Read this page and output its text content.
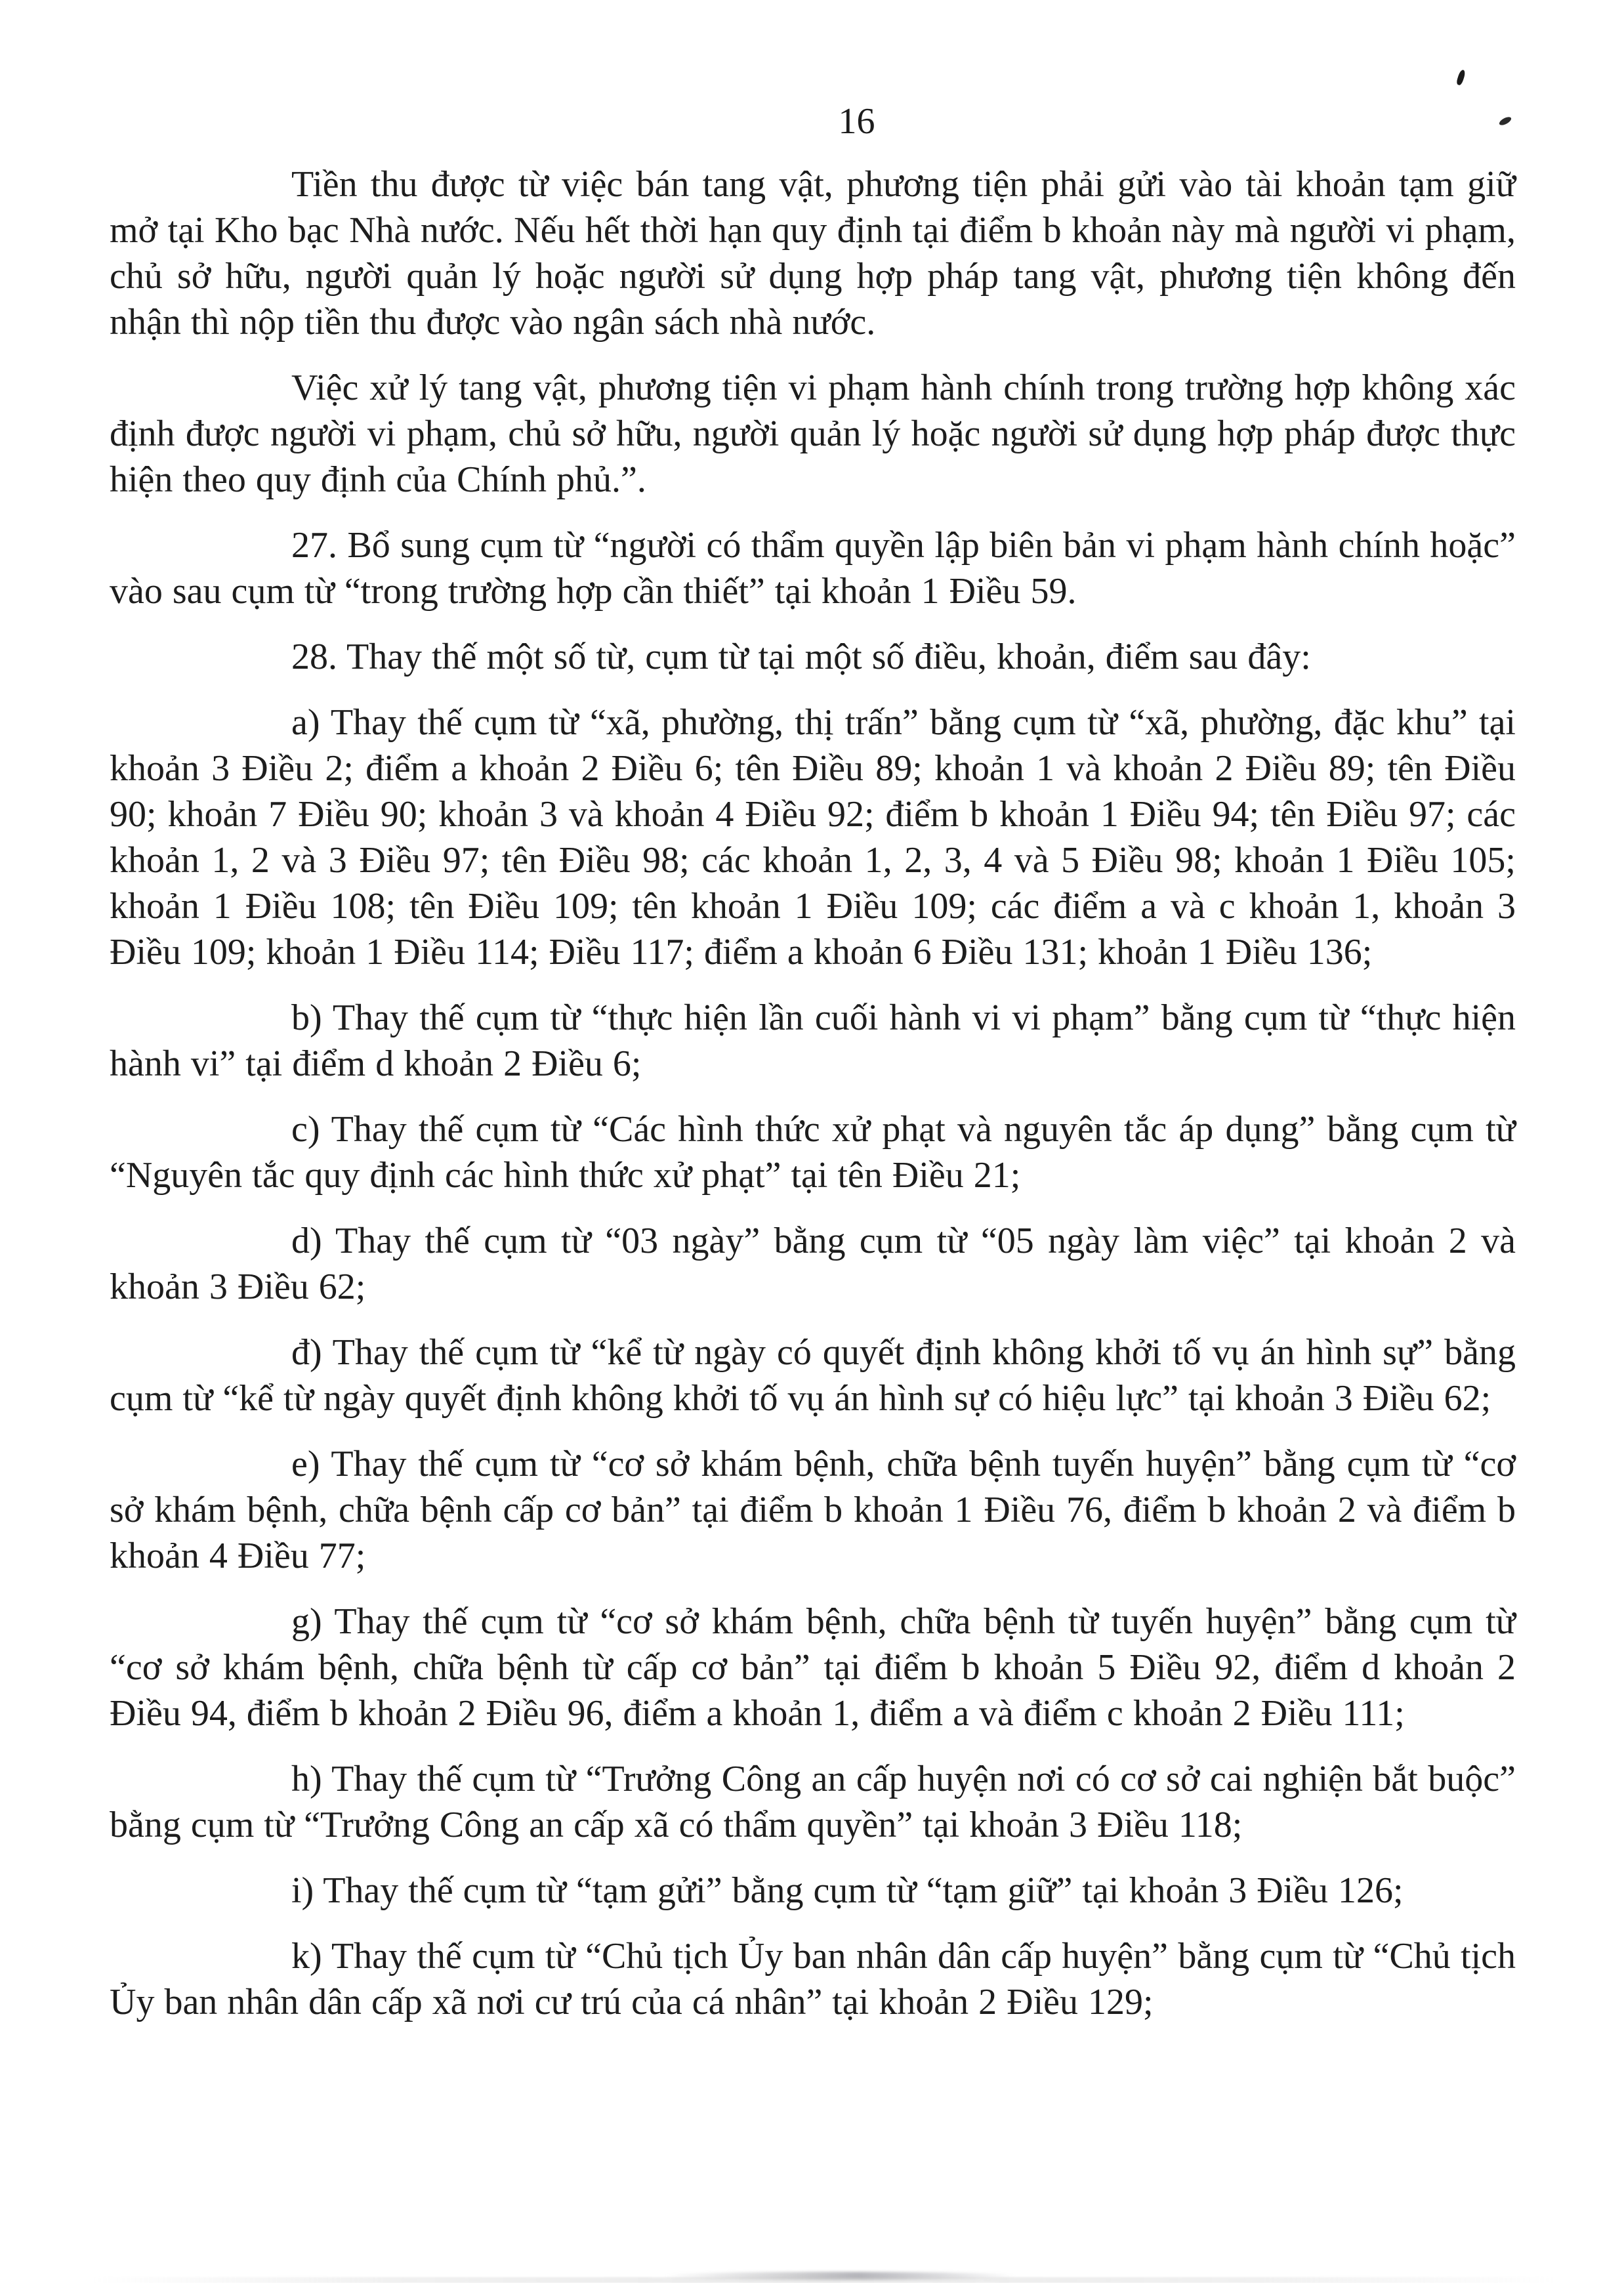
16

Tiền thu được từ việc bán tang vật, phương tiện phải gửi vào tài khoản tạm giữ mở tại Kho bạc Nhà nước. Nếu hết thời hạn quy định tại điểm b khoản này mà người vi phạm, chủ sở hữu, người quản lý hoặc người sử dụng hợp pháp tang vật, phương tiện không đến nhận thì nộp tiền thu được vào ngân sách nhà nước.

Việc xử lý tang vật, phương tiện vi phạm hành chính trong trường hợp không xác định được người vi phạm, chủ sở hữu, người quản lý hoặc người sử dụng hợp pháp được thực hiện theo quy định của Chính phủ.”.

27. Bổ sung cụm từ “người có thẩm quyền lập biên bản vi phạm hành chính hoặc” vào sau cụm từ “trong trường hợp cần thiết” tại khoản 1 Điều 59.

28. Thay thế một số từ, cụm từ tại một số điều, khoản, điểm sau đây:

a) Thay thế cụm từ “xã, phường, thị trấn” bằng cụm từ “xã, phường, đặc khu” tại khoản 3 Điều 2; điểm a khoản 2 Điều 6; tên Điều 89; khoản 1 và khoản 2 Điều 89; tên Điều 90; khoản 7 Điều 90; khoản 3 và khoản 4 Điều 92; điểm b khoản 1 Điều 94; tên Điều 97; các khoản 1, 2 và 3 Điều 97; tên Điều 98; các khoản 1, 2, 3, 4 và 5 Điều 98; khoản 1 Điều 105; khoản 1 Điều 108; tên Điều 109; tên khoản 1 Điều 109; các điểm a và c khoản 1, khoản 3 Điều 109; khoản 1 Điều 114; Điều 117; điểm a khoản 6 Điều 131; khoản 1 Điều 136;

b) Thay thế cụm từ “thực hiện lần cuối hành vi vi phạm” bằng cụm từ “thực hiện hành vi” tại điểm d khoản 2 Điều 6;

c) Thay thế cụm từ “Các hình thức xử phạt và nguyên tắc áp dụng” bằng cụm từ “Nguyên tắc quy định các hình thức xử phạt” tại tên Điều 21;

d) Thay thế cụm từ “03 ngày” bằng cụm từ “05 ngày làm việc” tại khoản 2 và khoản 3 Điều 62;

đ) Thay thế cụm từ “kể từ ngày có quyết định không khởi tố vụ án hình sự” bằng cụm từ “kể từ ngày quyết định không khởi tố vụ án hình sự có hiệu lực” tại khoản 3 Điều 62;

e) Thay thế cụm từ “cơ sở khám bệnh, chữa bệnh tuyến huyện” bằng cụm từ “cơ sở khám bệnh, chữa bệnh cấp cơ bản” tại điểm b khoản 1 Điều 76, điểm b khoản 2 và điểm b khoản 4 Điều 77;

g) Thay thế cụm từ “cơ sở khám bệnh, chữa bệnh từ tuyến huyện” bằng cụm từ “cơ sở khám bệnh, chữa bệnh từ cấp cơ bản” tại điểm b khoản 5 Điều 92, điểm d khoản 2 Điều 94, điểm b khoản 2 Điều 96, điểm a khoản 1, điểm a và điểm c khoản 2 Điều 111;

h) Thay thế cụm từ “Trưởng Công an cấp huyện nơi có cơ sở cai nghiện bắt buộc” bằng cụm từ “Trưởng Công an cấp xã có thẩm quyền” tại khoản 3 Điều 118;

i) Thay thế cụm từ “tạm gửi” bằng cụm từ “tạm giữ” tại khoản 3 Điều 126;

k) Thay thế cụm từ “Chủ tịch Ủy ban nhân dân cấp huyện” bằng cụm từ “Chủ tịch Ủy ban nhân dân cấp xã nơi cư trú của cá nhân” tại khoản 2 Điều 129;
